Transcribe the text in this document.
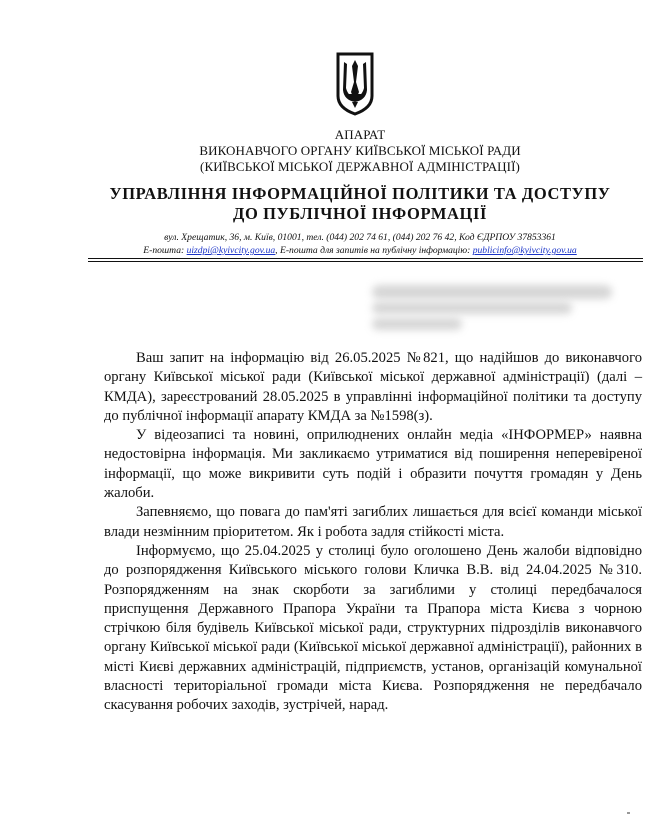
АПАРАТ
ВИКОНАВЧОГО ОРГАНУ КИЇВСЬКОЇ МІСЬКОЇ РАДИ
(КИЇВСЬКОЇ МІСЬКОЇ ДЕРЖАВНОЇ АДМІНІСТРАЦІЇ)
УПРАВЛІННЯ ІНФОРМАЦІЙНОЇ ПОЛІТИКИ ТА ДОСТУПУ
ДО ПУБЛІЧНОЇ ІНФОРМАЦІЇ
вул. Хрещатик, 36, м. Київ, 01001, тел. (044) 202 74 61, (044) 202 76 42, Код ЄДРПОУ 37853361
E-пошта: uizdpi@kyivcity.gov.ua, E-пошта для запитів на публічну інформацію: publicinfo@kyivcity.gov.ua

Ваш запит на інформацію від 26.05.2025 №821, що надійшов до виконавчого органу Київської міської ради (Київської міської державної адміністрації) (далі – КМДА), зареєстрований 28.05.2025 в управлінні інформаційної політики та доступу до публічної інформації апарату КМДА за №1598(з).

У відеозаписі та новині, оприлюднених онлайн медіа «ІНФОРМЕР» наявна недостовірна інформація. Ми закликаємо утриматися від поширення неперевіреної інформації, що може викривити суть подій і образити почуття громадян у День жалоби.

Запевняємо, що повага до пам'яті загиблих лишається для всієї команди міської влади незмінним пріоритетом. Як і робота задля стійкості міста.

Інформуємо, що 25.04.2025 у столиці було оголошено День жалоби відповідно до розпорядження Київського міського голови Кличка В.В. від 24.04.2025 №310. Розпорядженням на знак скорботи за загиблими у столиці передбачалося приспущення Державного Прапора України та Прапора міста Києва з чорною стрічкою біля будівель Київської міської ради, структурних підрозділів виконавчого органу Київської міської ради (Київської міської державної адміністрації), районних в місті Києві державних адміністрацій, підприємств, установ, організацій комунальної власності територіальної громади міста Києва. Розпорядження не передбачало скасування робочих заходів, зустрічей, нарад.
